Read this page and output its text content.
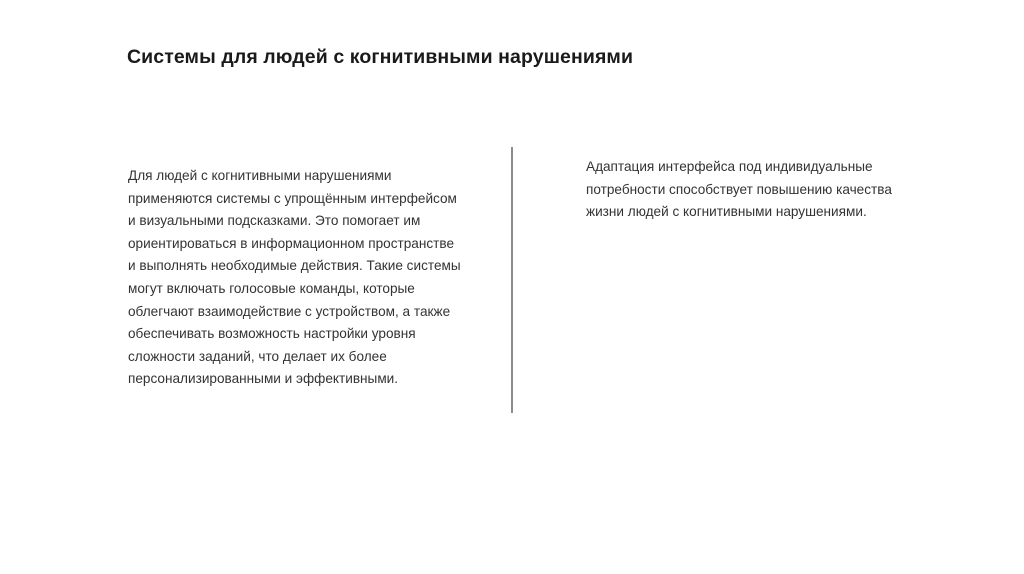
Системы для людей с когнитивными нарушениями
Для людей с когнитивными нарушениями
применяются системы с упрощённым интерфейсом
и визуальными подсказками. Это помогает им
ориентироваться в информационном пространстве
и выполнять необходимые действия. Такие системы
могут включать голосовые команды, которые
облегчают взаимодействие с устройством, а также
обеспечивать возможность настройки уровня
сложности заданий, что делает их более
персонализированными и эффективными.
Адаптация интерфейса под индивидуальные
потребности способствует повышению качества
жизни людей с когнитивными нарушениями.
